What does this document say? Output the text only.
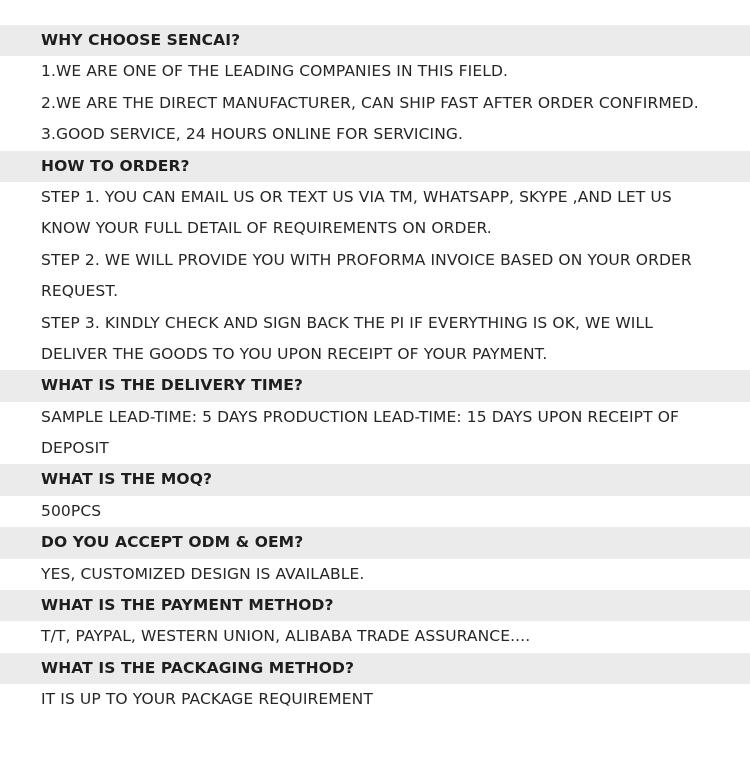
WHY CHOOSE SENCAI?
1.WE ARE ONE OF THE LEADING COMPANIES IN THIS FIELD.
2.WE ARE THE DIRECT MANUFACTURER, CAN SHIP FAST AFTER ORDER CONFIRMED.
3.GOOD SERVICE, 24 HOURS ONLINE FOR SERVICING.
HOW TO ORDER?
STEP 1. YOU CAN EMAIL US OR TEXT US VIA TM, WHATSAPP, SKYPE ,AND LET US
KNOW YOUR FULL DETAIL OF REQUIREMENTS ON ORDER.
STEP 2. WE WILL PROVIDE YOU WITH PROFORMA INVOICE BASED ON YOUR ORDER
REQUEST.
STEP 3. KINDLY CHECK AND SIGN BACK THE PI IF EVERYTHING IS OK, WE WILL
DELIVER THE GOODS TO YOU UPON RECEIPT OF YOUR PAYMENT.
WHAT IS THE DELIVERY TIME?
SAMPLE LEAD-TIME: 5 DAYS PRODUCTION LEAD-TIME: 15 DAYS UPON RECEIPT OF
DEPOSIT
WHAT IS THE MOQ?
500PCS
DO YOU ACCEPT ODM & OEM?
YES, CUSTOMIZED DESIGN IS AVAILABLE.
WHAT IS THE PAYMENT METHOD?
T/T, PAYPAL, WESTERN UNION, ALIBABA TRADE ASSURANCE....
WHAT IS THE PACKAGING METHOD?
IT IS UP TO YOUR PACKAGE REQUIREMENT
